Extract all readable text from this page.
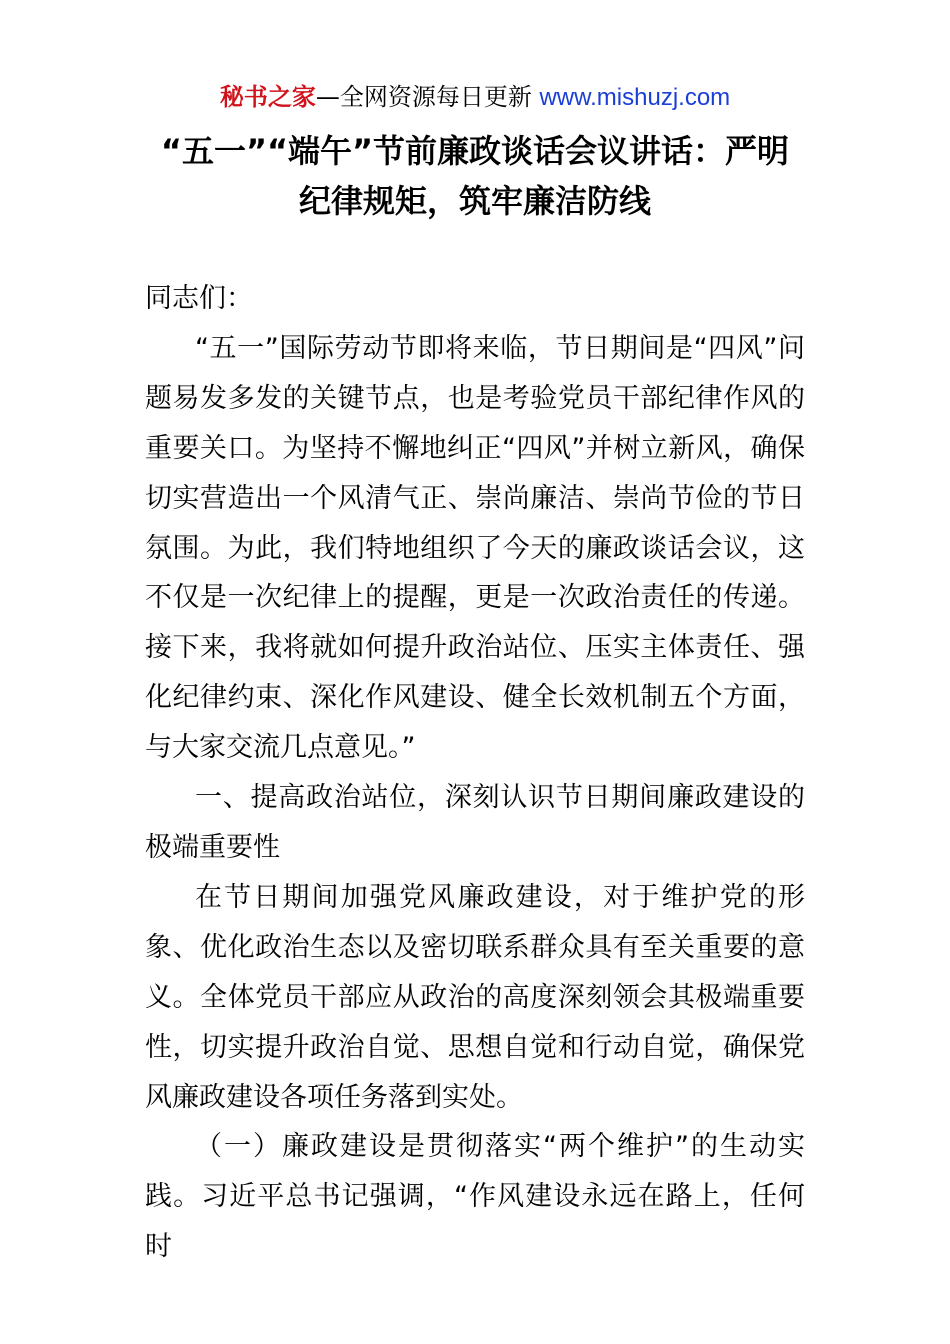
秘书之家—全网资源每日更新 www.mishuzj.com
“五一”“端午”节前廉政谈话会议讲话：严明纪律规矩，筑牢廉洁防线

同志们：

“五一”国际劳动节即将来临，节日期间是“四风”问题易发多发的关键节点，也是考验党员干部纪律作风的重要关口。为坚持不懈地纠正“四风”并树立新风，确保切实营造出一个风清气正、崇尚廉洁、崇尚节俭的节日氛围。为此，我们特地组织了今天的廉政谈话会议，这不仅是一次纪律上的提醒，更是一次政治责任的传递。接下来，我将就如何提升政治站位、压实主体责任、强化纪律约束、深化作风建设、健全长效机制五个方面，与大家交流几点意见。”

一、提高政治站位，深刻认识节日期间廉政建设的极端重要性

在节日期间加强党风廉政建设，对于维护党的形象、优化政治生态以及密切联系群众具有至关重要的意义。全体党员干部应从政治的高度深刻领会其极端重要性，切实提升政治自觉、思想自觉和行动自觉，确保党风廉政建设各项任务落到实处。

（一）廉政建设是贯彻落实“两个维护”的生动实践。习近平总书记强调，“作风建设永远在路上，任何时
